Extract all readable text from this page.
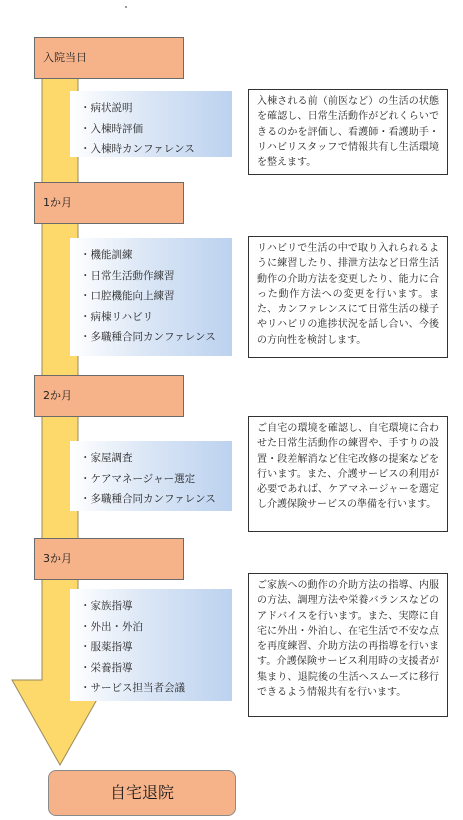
入院当日
・病状説明
・入棟時評価
・入棟時カンファレンス
入棟される前（前医など）の生活の状態を確認し、日常生活動作がどれくらいできるのかを評価し、看護師・看護助手・リハビリスタッフで情報共有し生活環境を整えます。
1か月
・機能訓練
・日常生活動作練習
・口腔機能向上練習
・病棟リハビリ
・多職種合同カンファレンス
リハビリで生活の中で取り入れられるように練習したり、排泄方法など日常生活動作の介助方法を変更したり、能力に合った動作方法への変更を行います。また、カンファレンスにて日常生活の様子やリハビリの進捗状況を話し合い、今後の方向性を検討します。
2か月
・家屋調査
・ケアマネージャー選定
・多職種合同カンファレンス
ご自宅の環境を確認し、自宅環境に合わせた日常生活動作の練習や、手すりの設置・段差解消など住宅改修の提案などを行います。また、介護サービスの利用が必要であれば、ケアマネージャーを選定し介護保険サービスの準備を行います。
3か月
・家族指導
・外出・外泊
・服薬指導
・栄養指導
・サービス担当者会議
ご家族への動作の介助方法の指導、内服の方法、調理方法や栄養バランスなどのアドバイスを行います。また、実際に自宅に外出・外泊し、在宅生活で不安な点を再度練習、介助方法の再指導を行います。介護保険サービス利用時の支援者が集まり、退院後の生活へスムーズに移行できるよう情報共有を行います。
自宅退院
